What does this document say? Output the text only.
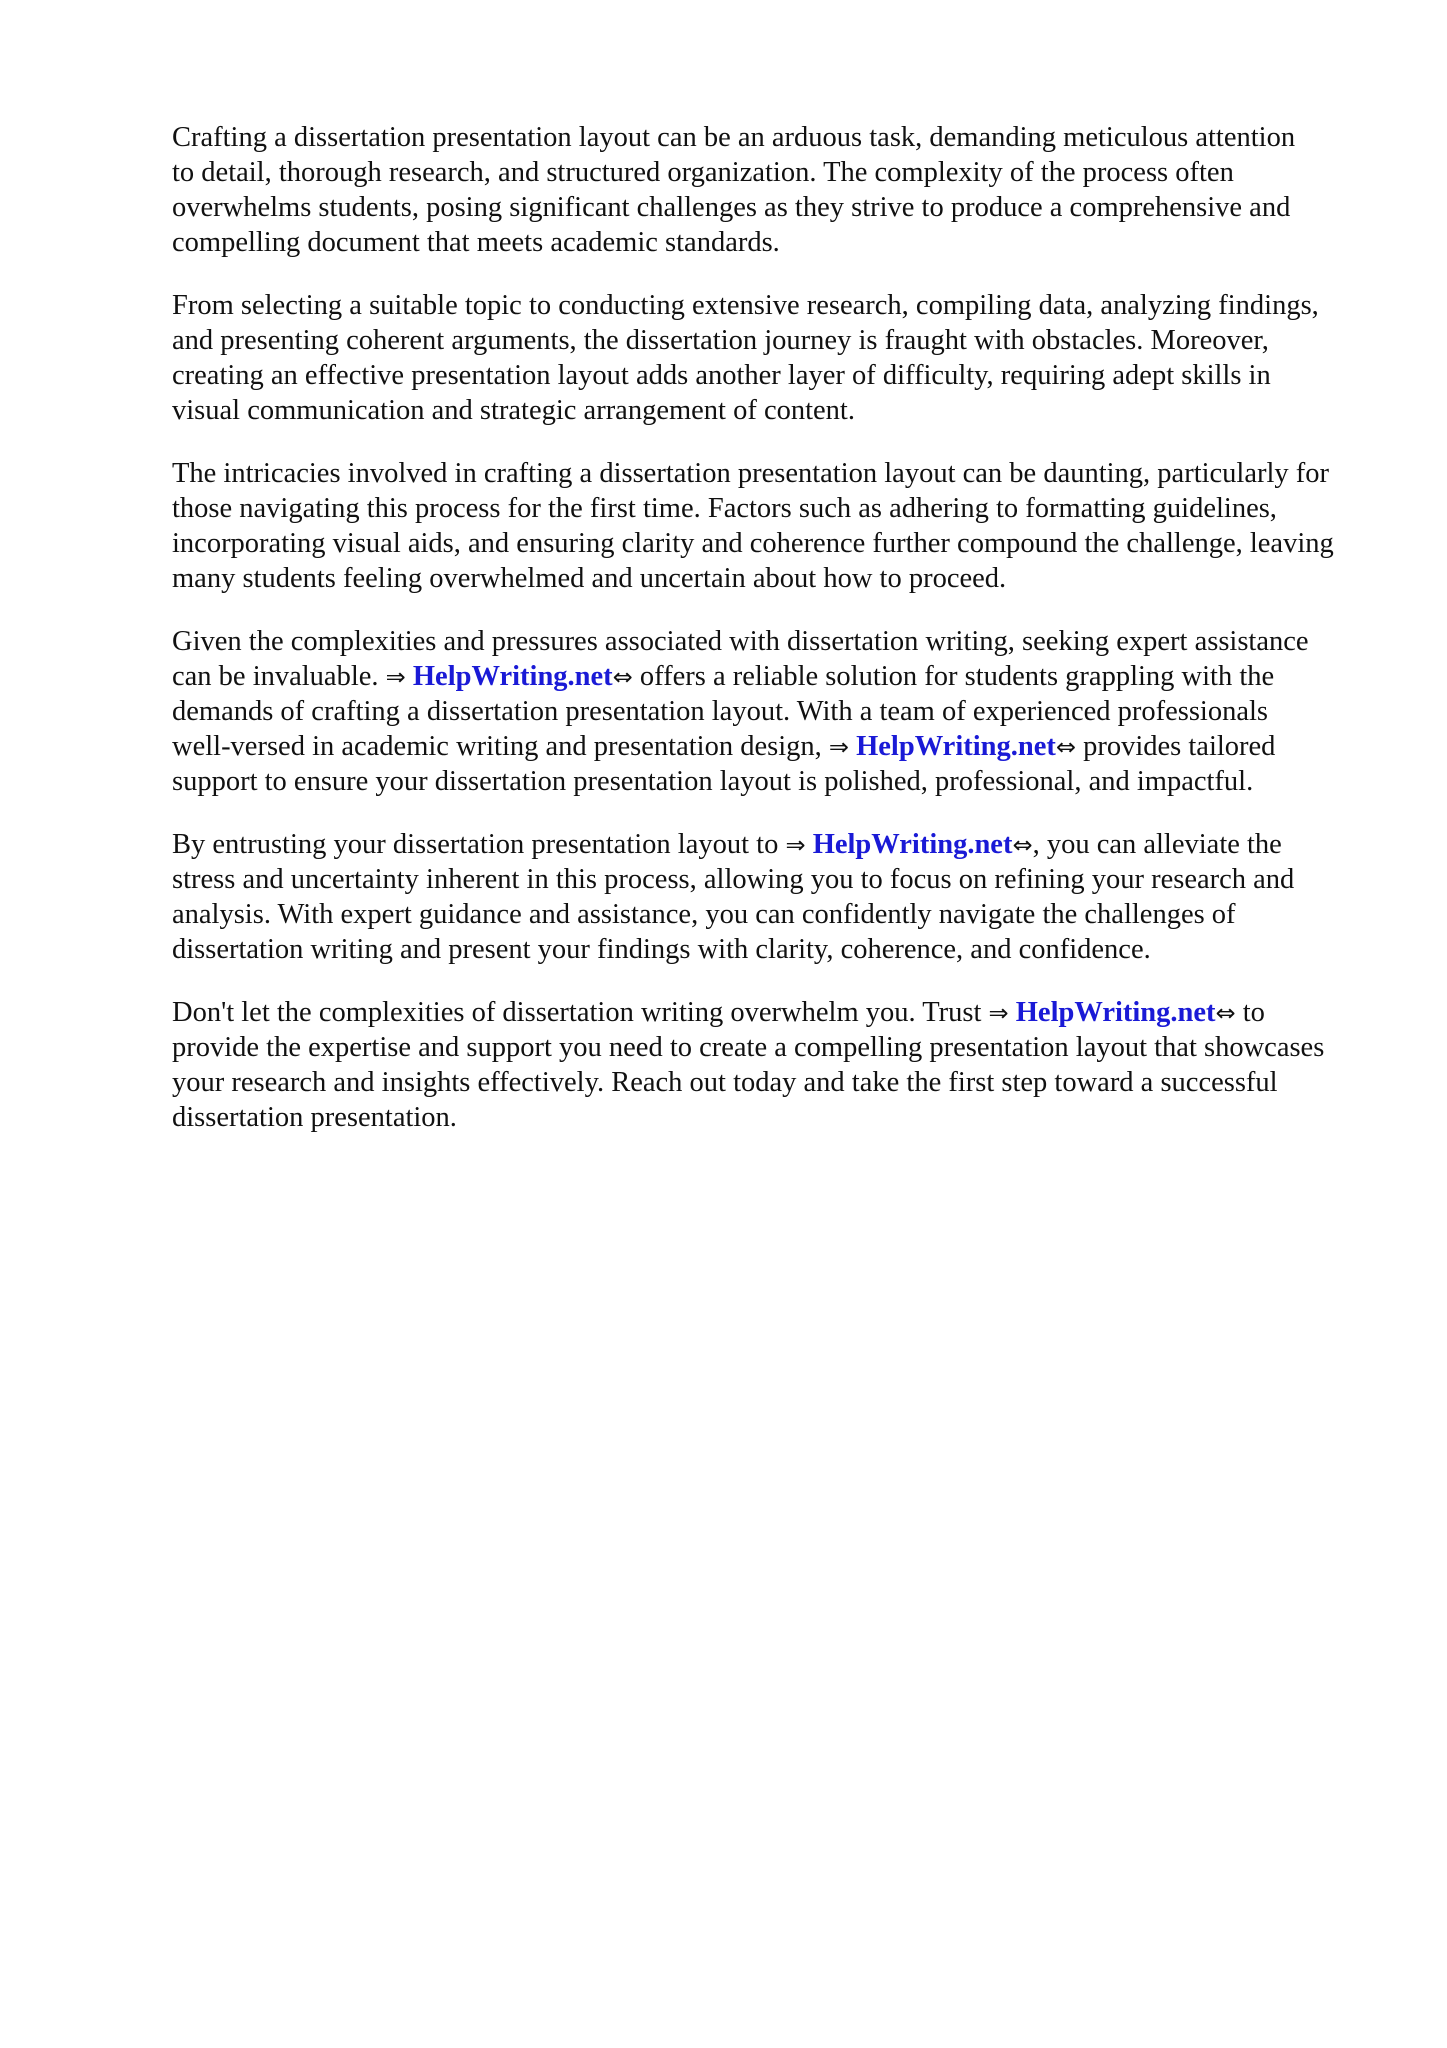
Crafting a dissertation presentation layout can be an arduous task, demanding meticulous attention
to detail, thorough research, and structured organization. The complexity of the process often
overwhelms students, posing significant challenges as they strive to produce a comprehensive and
compelling document that meets academic standards.
From selecting a suitable topic to conducting extensive research, compiling data, analyzing findings,
and presenting coherent arguments, the dissertation journey is fraught with obstacles. Moreover,
creating an effective presentation layout adds another layer of difficulty, requiring adept skills in
visual communication and strategic arrangement of content.
The intricacies involved in crafting a dissertation presentation layout can be daunting, particularly for
those navigating this process for the first time. Factors such as adhering to formatting guidelines,
incorporating visual aids, and ensuring clarity and coherence further compound the challenge, leaving
many students feeling overwhelmed and uncertain about how to proceed.
Given the complexities and pressures associated with dissertation writing, seeking expert assistance
can be invaluable. ⇒ HelpWriting.net⇔ offers a reliable solution for students grappling with the
demands of crafting a dissertation presentation layout. With a team of experienced professionals
well-versed in academic writing and presentation design, ⇒ HelpWriting.net⇔ provides tailored
support to ensure your dissertation presentation layout is polished, professional, and impactful.
By entrusting your dissertation presentation layout to ⇒ HelpWriting.net⇔, you can alleviate the
stress and uncertainty inherent in this process, allowing you to focus on refining your research and
analysis. With expert guidance and assistance, you can confidently navigate the challenges of
dissertation writing and present your findings with clarity, coherence, and confidence.
Don't let the complexities of dissertation writing overwhelm you. Trust ⇒ HelpWriting.net⇔ to
provide the expertise and support you need to create a compelling presentation layout that showcases
your research and insights effectively. Reach out today and take the first step toward a successful
dissertation presentation.
